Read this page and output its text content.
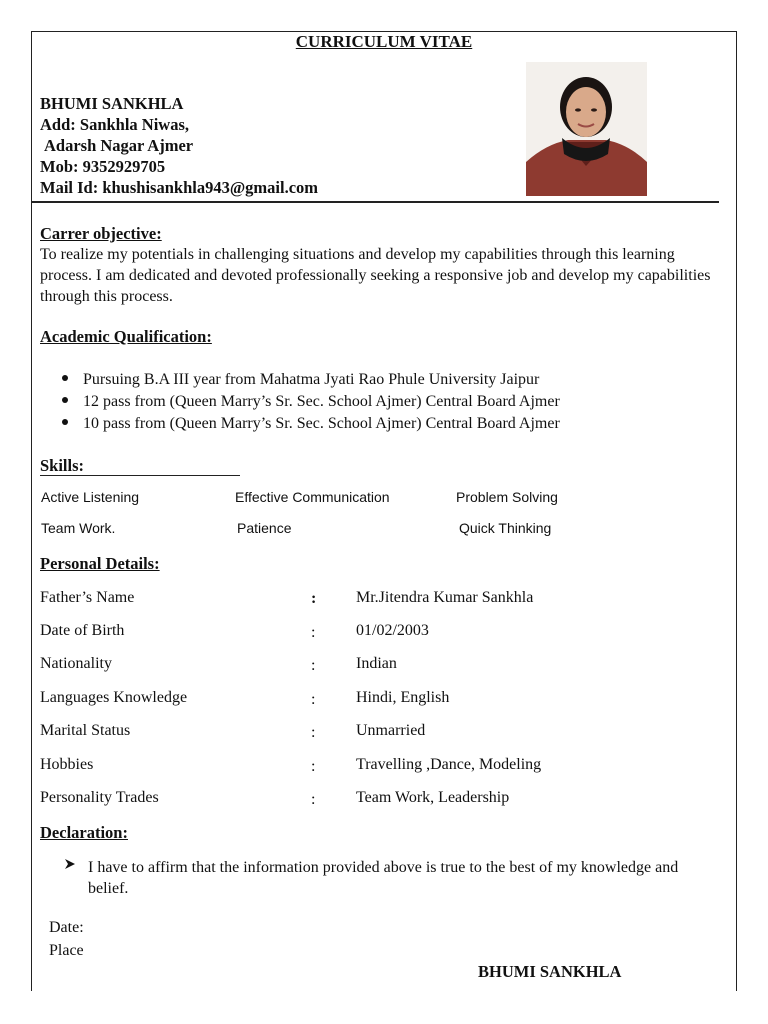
CURRICULUM VITAE
BHUMI SANKHLA
Add: Sankhla Niwas,
Adarsh Nagar Ajmer
Mob: 9352929705
Mail Id: khushisankhla943@gmail.com
Carrer objective:
To realize my potentials in challenging situations and develop my capabilities through this learning process. I am dedicated and devoted professionally seeking a responsive job and develop my capabilities through this process.
Academic Qualification:
Pursuing B.A III year from Mahatma Jyati Rao Phule University Jaipur
12 pass from (Queen Marry’s Sr. Sec. School Ajmer) Central Board Ajmer
10 pass from (Queen Marry’s Sr. Sec. School Ajmer) Central Board Ajmer
Skills:
Active Listening	Effective Communication	Problem Solving
Team Work.	Patience	Quick Thinking
Personal Details:
Father’s Name	: Mr.Jitendra Kumar Sankhla
Date of Birth	:	01/02/2003
Nationality	:	Indian
Languages Knowledge	:	Hindi, English
Marital Status	:	Unmarried
Hobbies	:	Travelling ,Dance, Modeling
Personality Trades	:	Team Work, Leadership
Declaration:
I have to affirm that the information provided above is true to the best of my knowledge and belief.
Date:
Place
BHUMI SANKHLA
